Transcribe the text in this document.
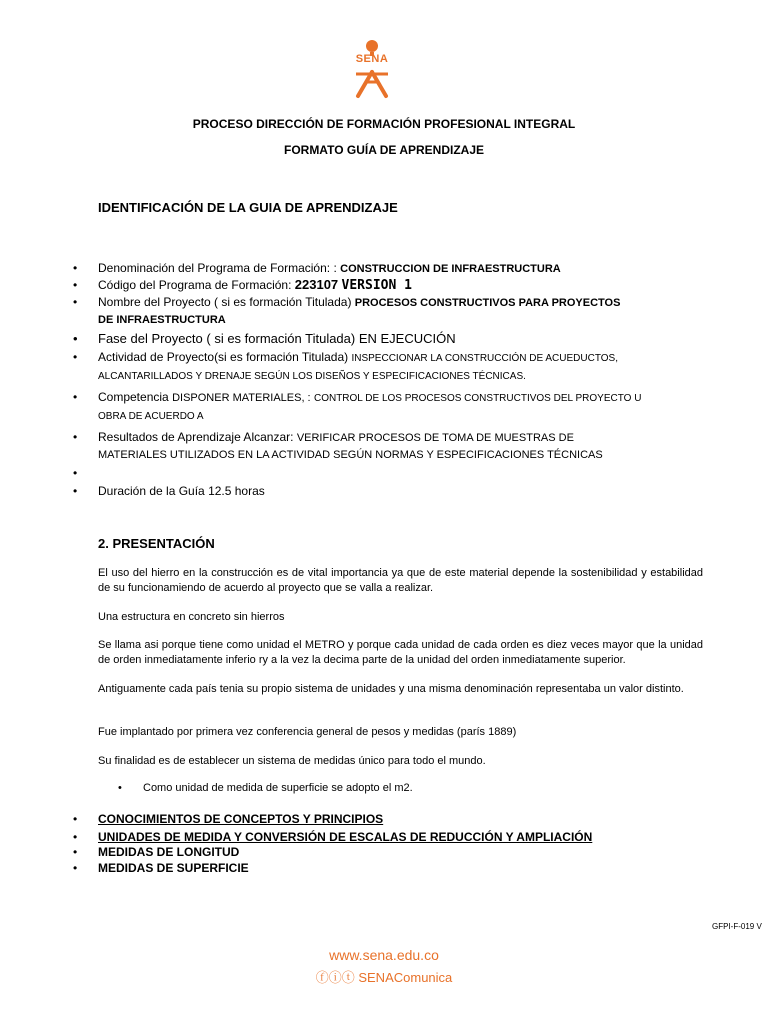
SENA
PROCESO DIRECCIÓN DE FORMACIÓN PROFESIONAL INTEGRAL
FORMATO GUÍA DE APRENDIZAJE
IDENTIFICACIÓN DE LA GUIA DE APRENDIZAJE
• Denominación del Programa de Formación: : CONSTRUCCION DE INFRAESTRUCTURA
• Código del Programa de Formación: 223107 VERSION 1
• Nombre del Proyecto ( si es formación Titulada) PROCESOS CONSTRUCTIVOS PARA PROYECTOS
DE INFRAESTRUCTURA
• Fase del Proyecto ( si es formación Titulada) EN EJECUCIÓN
• Actividad de Proyecto(si es formación Titulada) INSPECCIONAR LA CONSTRUCCIÓN DE ACUEDUCTOS,
ALCANTARILLADOS Y DRENAJE SEGÚN LOS DISEÑOS Y ESPECIFICACIONES TÉCNICAS.
• Competencia DISPONER MATERIALES, : CONTROL DE LOS PROCESOS CONSTRUCTIVOS DEL PROYECTO U
OBRA DE ACUERDO A
• Resultados de Aprendizaje Alcanzar: VERIFICAR PROCESOS DE TOMA DE MUESTRAS DE
MATERIALES UTILIZADOS EN LA ACTIVIDAD SEGÚN NORMAS Y ESPECIFICACIONES TÉCNICAS
•
• Duración de la Guía 12.5 horas
2. PRESENTACIÓN
El uso del hierro en la construcción es de vital importancia ya que de este material depende la sostenibilidad y estabilidad de su funcionamiendo de acuerdo al proyecto que se valla a realizar.
Una estructura en concreto sin hierros
Se llama asi porque tiene como unidad el METRO y porque cada unidad de cada orden es diez veces mayor que la unidad de orden inmediatamente inferio ry a la vez la decima parte de la unidad del orden inmediatamente superior.
Antiguamente cada país tenia su propio sistema de unidades y una misma denominación representaba un valor distinto.
Fue implantado por primera vez conferencia general de pesos y medidas (parís 1889)
Su finalidad es de establecer un sistema de medidas único para todo el mundo.
• Como unidad de medida de superficie se adopto el m2.
• CONOCIMIENTOS DE CONCEPTOS Y PRINCIPIOS
• UNIDADES DE MEDIDA Y CONVERSIÓN DE ESCALAS DE REDUCCIÓN Y AMPLIACIÓN
• MEDIDAS DE LONGITUD
• MEDIDAS DE SUPERFICIE
GFPI-F-019 V
www.sena.edu.co
ⓕⓘⓣ SENAComunica
